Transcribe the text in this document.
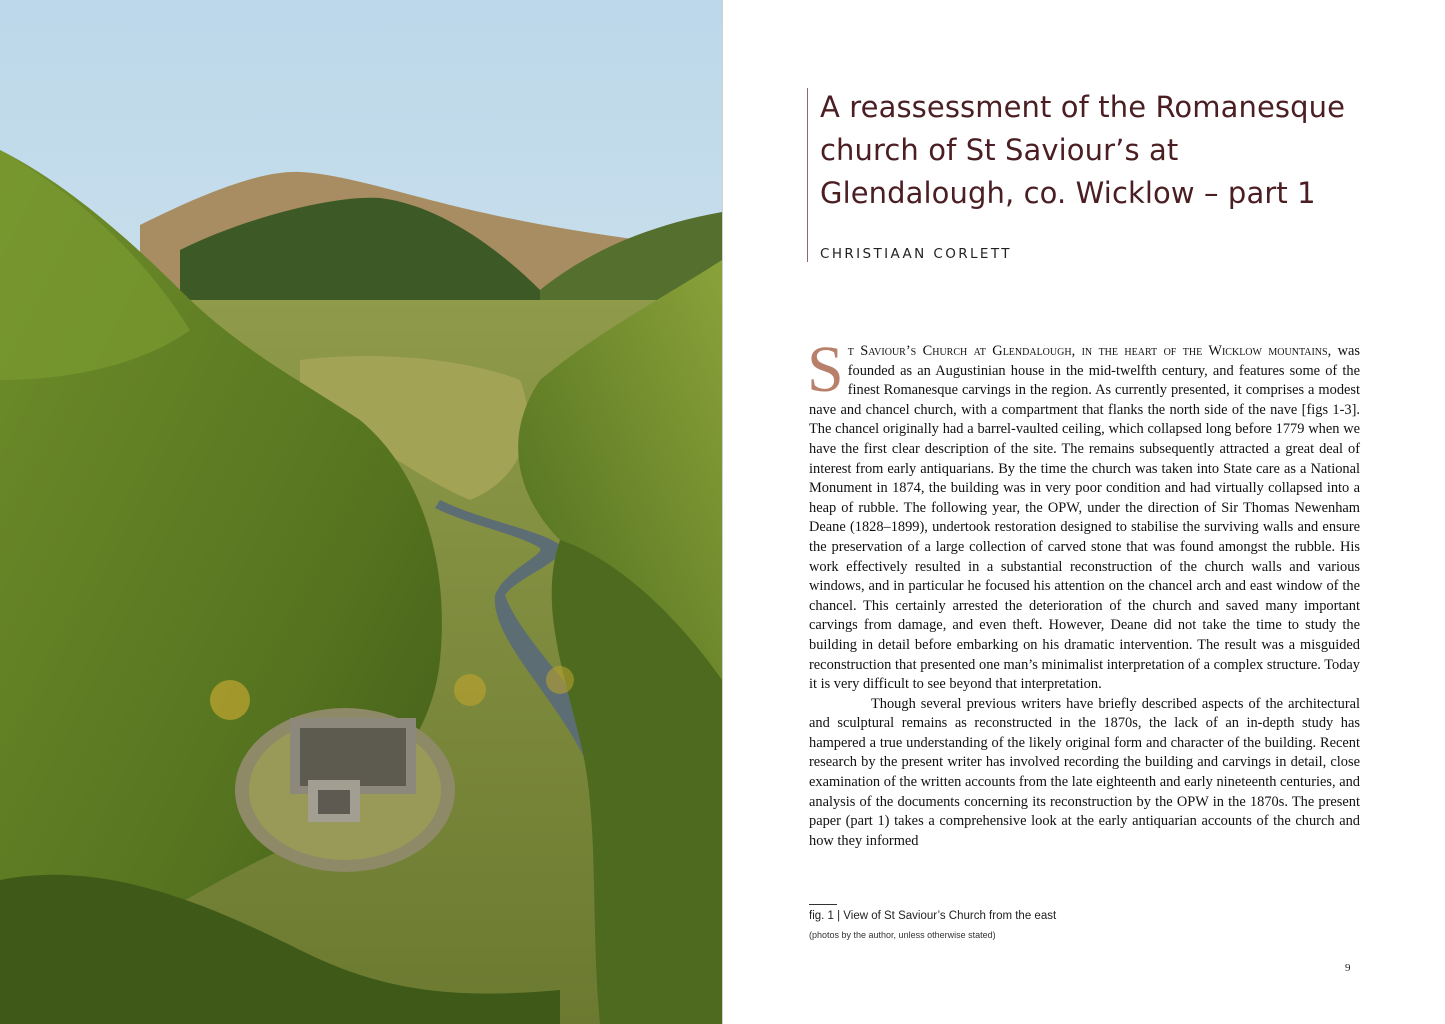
A reassessment of the Romanesque church of St Saviour’s at Glendalough, co. Wicklow – part 1

CHRISTIAAN CORLETT

St Saviour’s Church at Glendalough, in the heart of the Wicklow mountains, was founded as an Augustinian house in the mid-twelfth century, and features some of the finest Romanesque carvings in the region. As currently presented, it comprises a modest nave and chancel church, with a compartment that flanks the north side of the nave [figs 1-3]. The chancel originally had a barrel-vaulted ceiling, which collapsed long before 1779 when we have the first clear description of the site. The remains subsequently attracted a great deal of interest from early antiquarians. By the time the church was taken into State care as a National Monument in 1874, the building was in very poor condition and had virtually collapsed into a heap of rubble. The following year, the OPW, under the direction of Sir Thomas Newenham Deane (1828–1899), undertook restoration designed to stabilise the surviving walls and ensure the preservation of a large collection of carved stone that was found amongst the rubble. His work effectively resulted in a substantial reconstruction of the church walls and various windows, and in particular he focused his attention on the chancel arch and east window of the chancel. This certainly arrested the deterioration of the church and saved many important carvings from damage, and even theft. However, Deane did not take the time to study the building in detail before embarking on his dramatic intervention. The result was a misguided reconstruction that presented one man’s minimalist interpretation of a complex structure. Today it is very difficult to see beyond that interpretation.

Though several previous writers have briefly described aspects of the architectural and sculptural remains as reconstructed in the 1870s, the lack of an in-depth study has hampered a true understanding of the likely original form and character of the building. Recent research by the present writer has involved recording the building and carvings in detail, close examination of the written accounts from the late eighteenth and early nineteenth centuries, and analysis of the documents concerning its reconstruction by the OPW in the 1870s. The present paper (part 1) takes a comprehensive look at the early antiquarian accounts of the church and how they informed

fig. 1 | View of St Saviour’s Church from the east

(photos by the author, unless otherwise stated)

9
